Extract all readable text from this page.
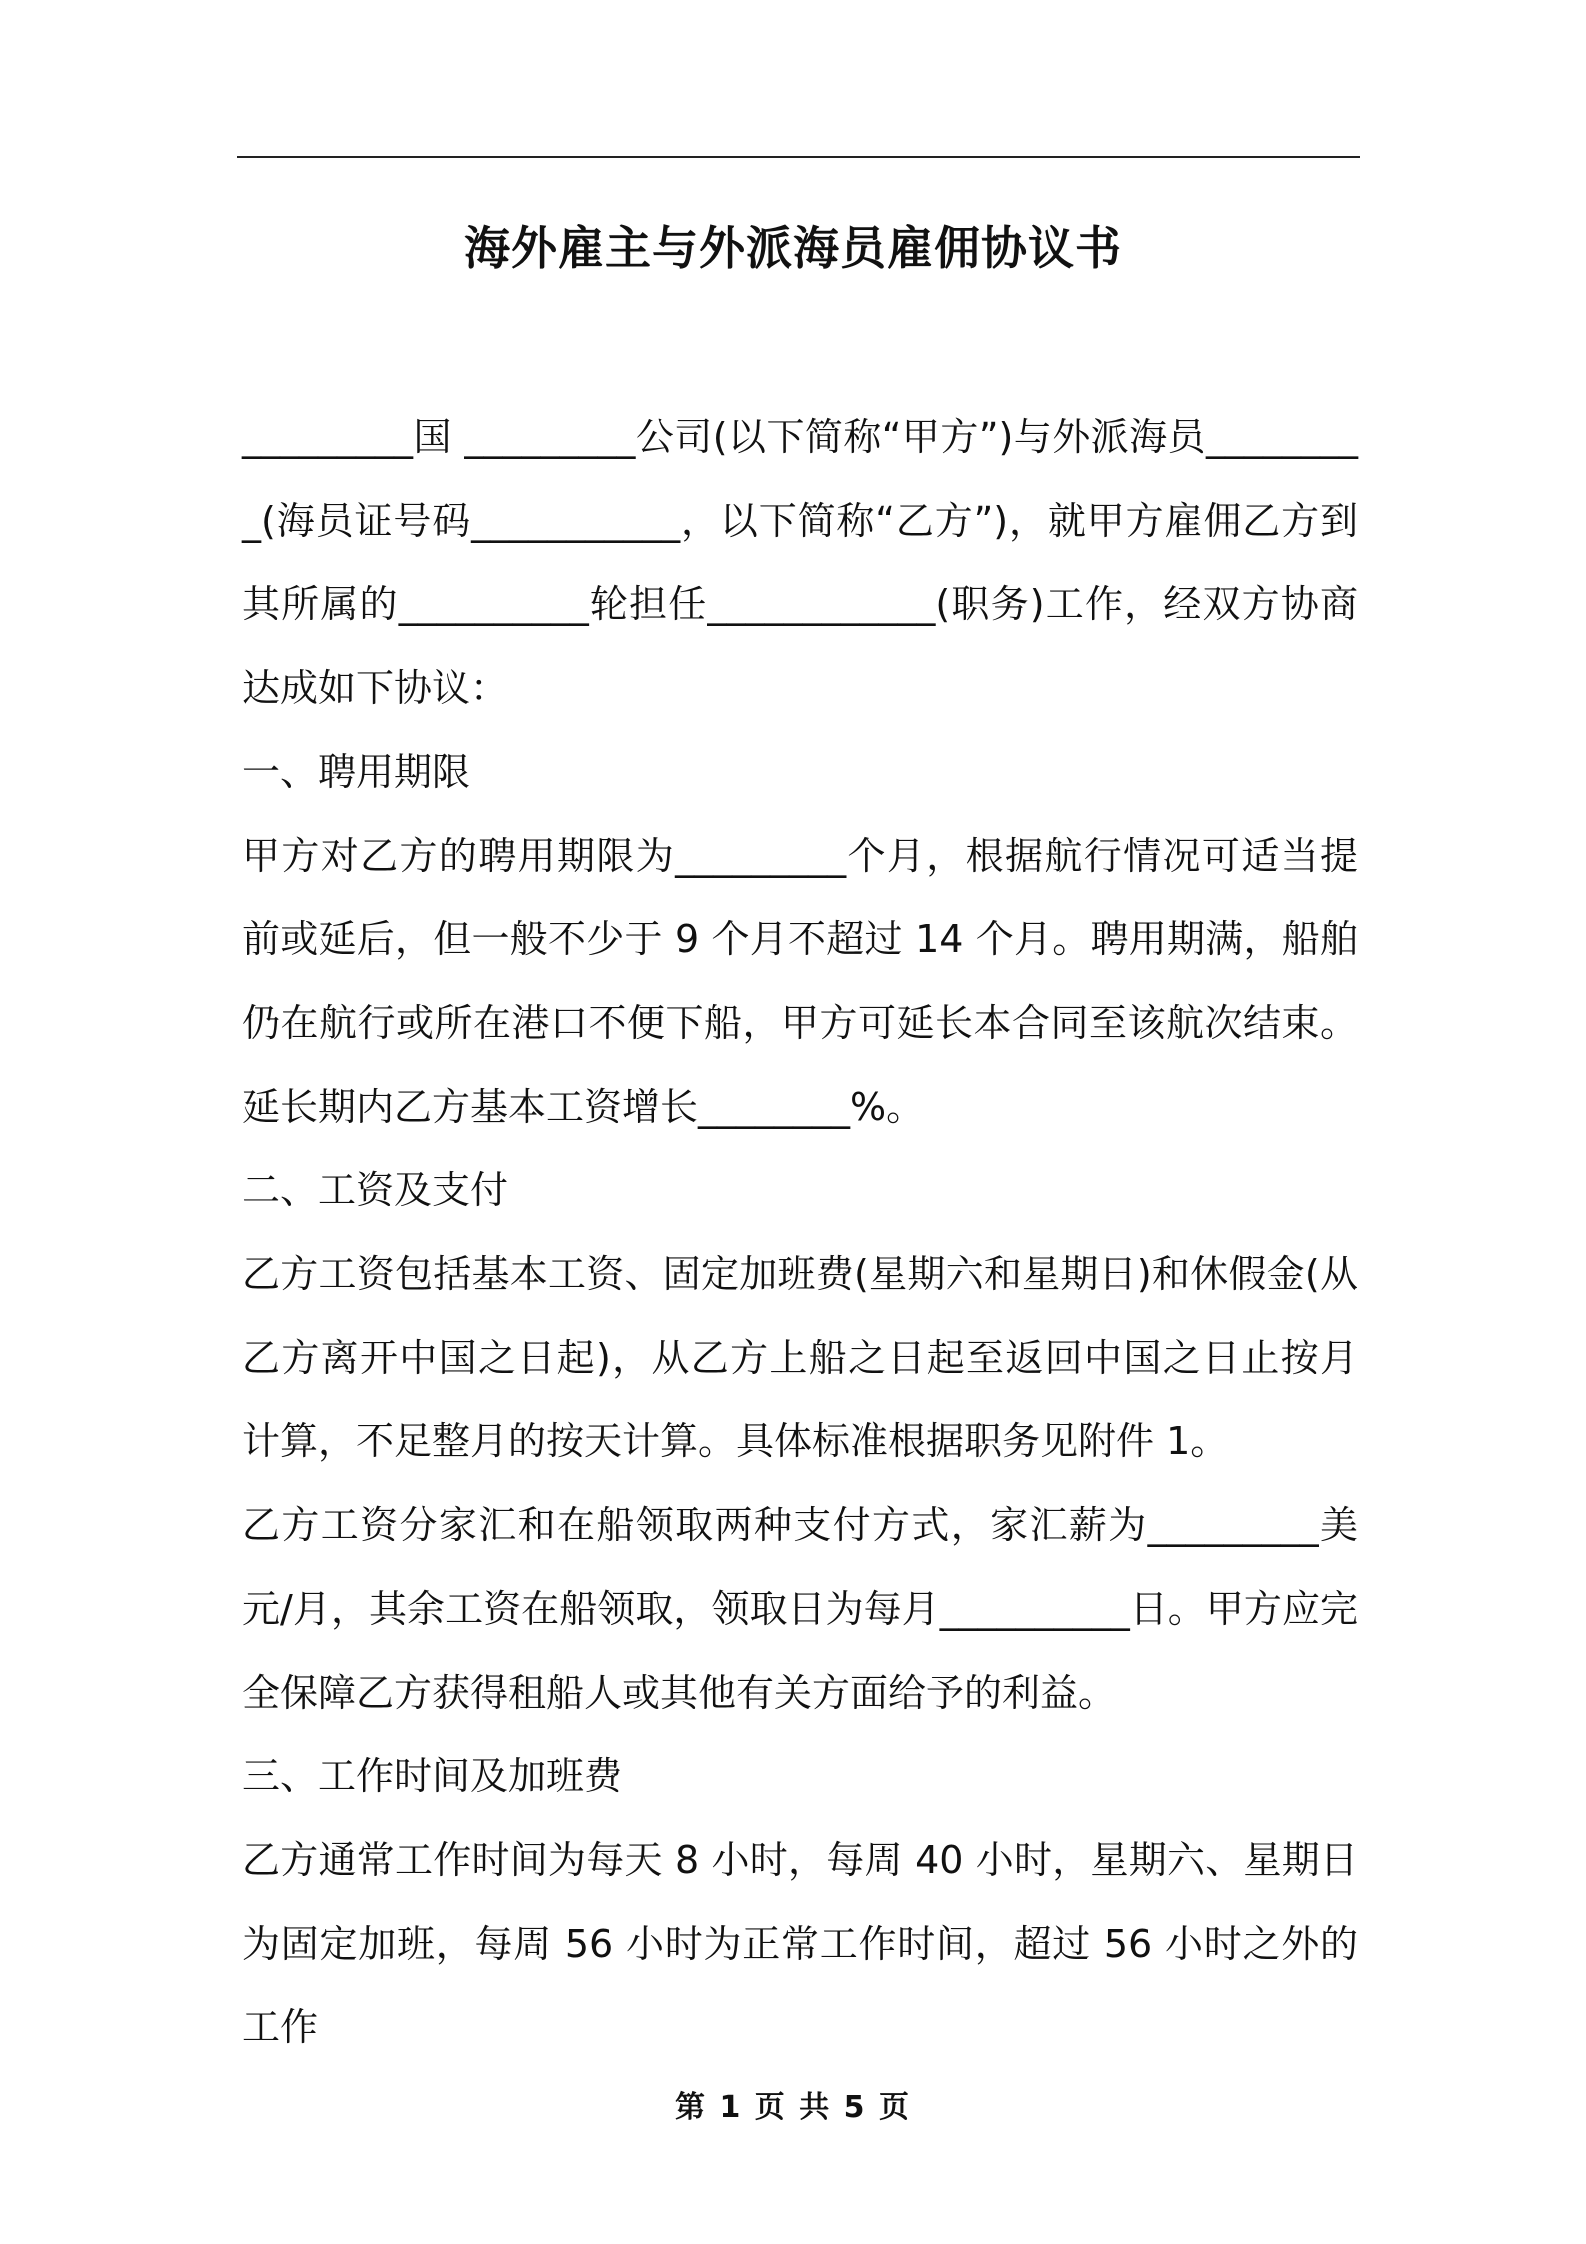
海外雇主与外派海员雇佣协议书

_________国 _________公司(以下简称“甲方”)与外派海员_________(海员证号码___________，以下简称“乙方”)，就甲方雇佣乙方到其所属的__________轮担任____________(职务)工作，经双方协商达成如下协议：

一、聘用期限

甲方对乙方的聘用期限为_________个月，根据航行情况可适当提前或延后，但一般不少于 9 个月不超过 14 个月。聘用期满，船舶仍在航行或所在港口不便下船，甲方可延长本合同至该航次结束。延长期内乙方基本工资增长________%。

二、工资及支付

乙方工资包括基本工资、固定加班费(星期六和星期日)和休假金(从乙方离开中国之日起)，从乙方上船之日起至返回中国之日止按月计算，不足整月的按天计算。具体标准根据职务见附件 1。

乙方工资分家汇和在船领取两种支付方式，家汇薪为_________美元/月，其余工资在船领取，领取日为每月__________日。甲方应完全保障乙方获得租船人或其他有关方面给予的利益。

三、工作时间及加班费

乙方通常工作时间为每天 8 小时，每周 40 小时，星期六、星期日为固定加班，每周 56 小时为正常工作时间，超过 56 小时之外的工作

第 1 页 共 5 页
